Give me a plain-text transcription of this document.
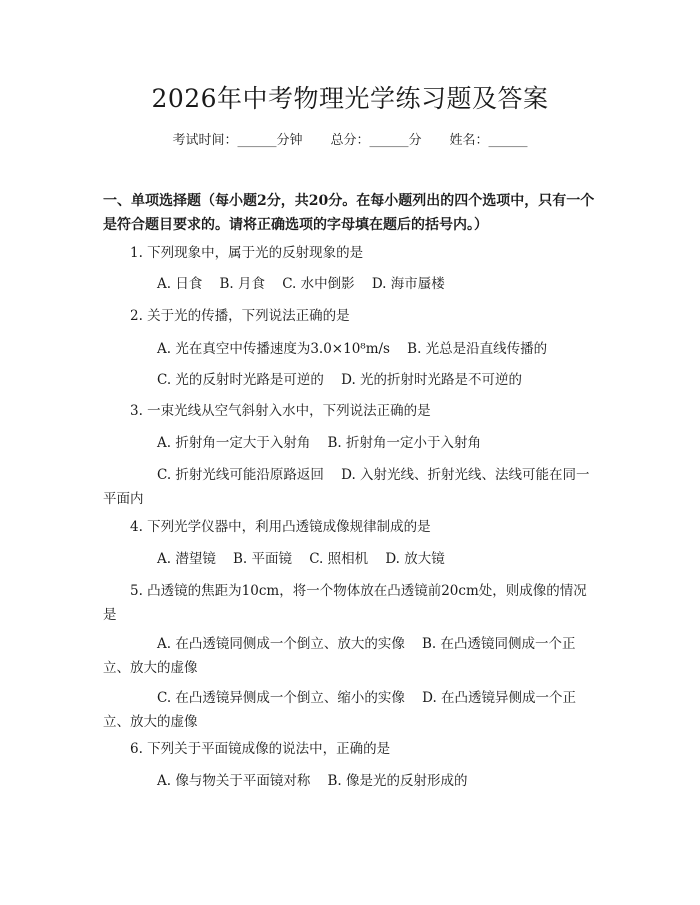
2026年中考物理光学练习题及答案
考试时间：______分钟 总分：______分 姓名：______
一、单项选择题（每小题2分，共20分。在每小题列出的四个选项中，只有一个是符合题目要求的。请将正确选项的字母填在题后的括号内。）
1. 下列现象中，属于光的反射现象的是
A. 日食 B. 月食 C. 水中倒影 D. 海市蜃楼
2. 关于光的传播，下列说法正确的是
A. 光在真空中传播速度为3.0×10⁸m/s B. 光总是沿直线传播的
C. 光的反射时光路是可逆的 D. 光的折射时光路是不可逆的
3. 一束光线从空气斜射入水中，下列说法正确的是
A. 折射角一定大于入射角 B. 折射角一定小于入射角
C. 折射光线可能沿原路返回 D. 入射光线、折射光线、法线可能在同一平面内
4. 下列光学仪器中，利用凸透镜成像规律制成的是
A. 潜望镜 B. 平面镜 C. 照相机 D. 放大镜
5. 凸透镜的焦距为10cm，将一个物体放在凸透镜前20cm处，则成像的情况是
A. 在凸透镜同侧成一个倒立、放大的实像 B. 在凸透镜同侧成一个正立、放大的虚像
C. 在凸透镜异侧成一个倒立、缩小的实像 D. 在凸透镜异侧成一个正立、放大的虚像
6. 下列关于平面镜成像的说法中，正确的是
A. 像与物关于平面镜对称 B. 像是光的反射形成的
